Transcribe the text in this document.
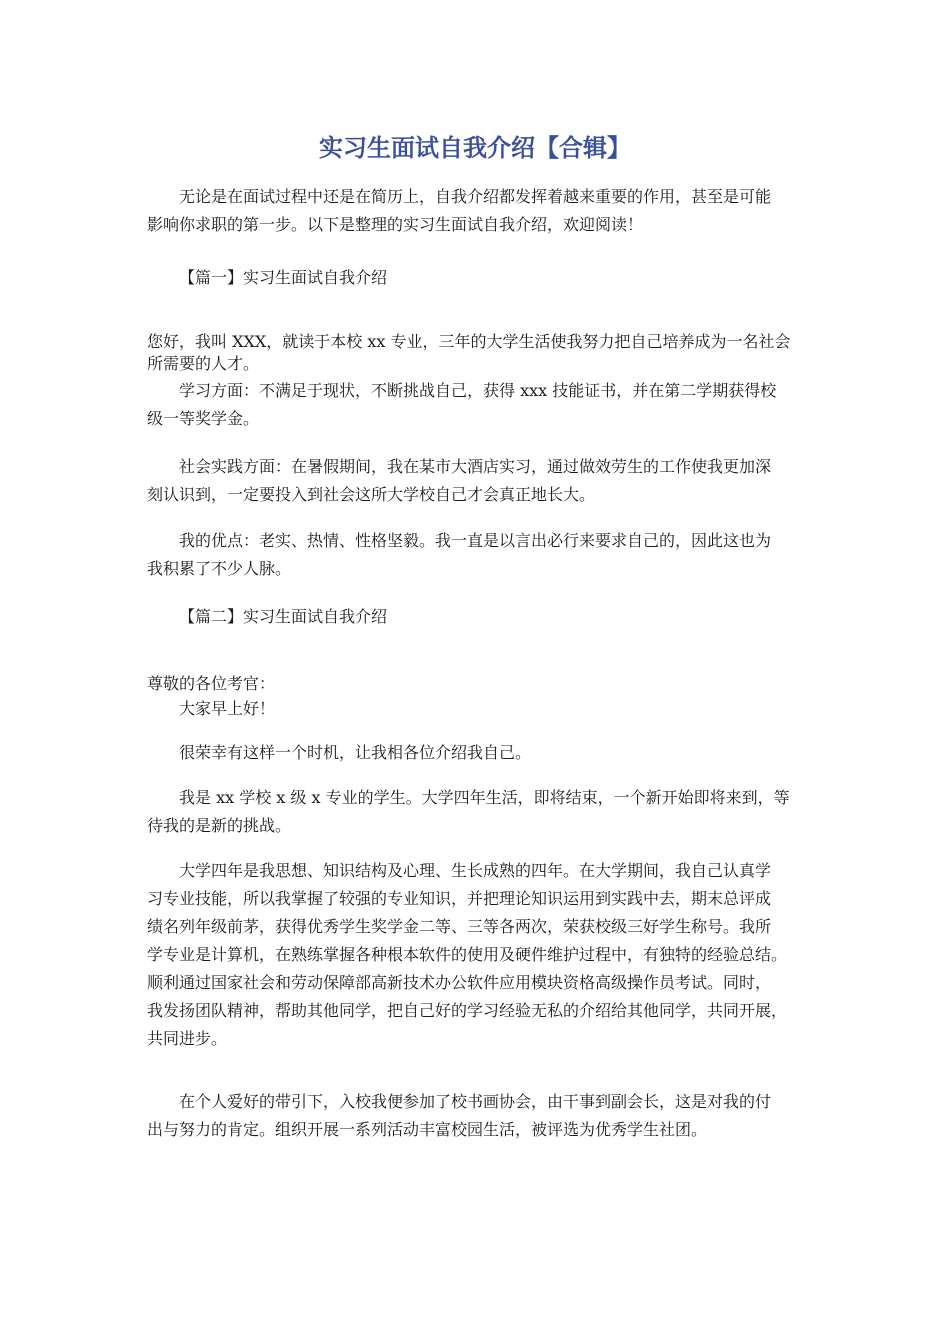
实习生面试自我介绍【合辑】

无论是在面试过程中还是在简历上，自我介绍都发挥着越来重要的作用，甚至是可能
影响你求职的第一步。以下是整理的实习生面试自我介绍，欢迎阅读！

【篇一】实习生面试自我介绍

您好，我叫 XXX，就读于本校 xx 专业，三年的大学生活使我努力把自己培养成为一名社会
所需要的人才。

学习方面：不满足于现状，不断挑战自己，获得 xxx 技能证书，并在第二学期获得校
级一等奖学金。

社会实践方面：在暑假期间，我在某市大酒店实习，通过做效劳生的工作使我更加深
刻认识到，一定要投入到社会这所大学校自己才会真正地长大。

我的优点：老实、热情、性格坚毅。我一直是以言出必行来要求自己的，因此这也为
我积累了不少人脉。

【篇二】实习生面试自我介绍

尊敬的各位考官：

大家早上好！

很荣幸有这样一个时机，让我相各位介绍我自己。

我是 xx 学校 x 级 x 专业的学生。大学四年生活，即将结束，一个新开始即将来到，等
待我的是新的挑战。

大学四年是我思想、知识结构及心理、生长成熟的四年。在大学期间，我自己认真学
习专业技能，所以我掌握了较强的专业知识，并把理论知识运用到实践中去，期末总评成
绩名列年级前茅，获得优秀学生奖学金二等、三等各两次，荣获校级三好学生称号。我所
学专业是计算机，在熟练掌握各种根本软件的使用及硬件维护过程中，有独特的经验总结。
顺利通过国家社会和劳动保障部高新技术办公软件应用模块资格高级操作员考试。同时，
我发扬团队精神，帮助其他同学，把自己好的学习经验无私的介绍给其他同学，共同开展，
共同进步。

在个人爱好的带引下，入校我便参加了校书画协会，由干事到副会长，这是对我的付
出与努力的肯定。组织开展一系列活动丰富校园生活，被评选为优秀学生社团。
